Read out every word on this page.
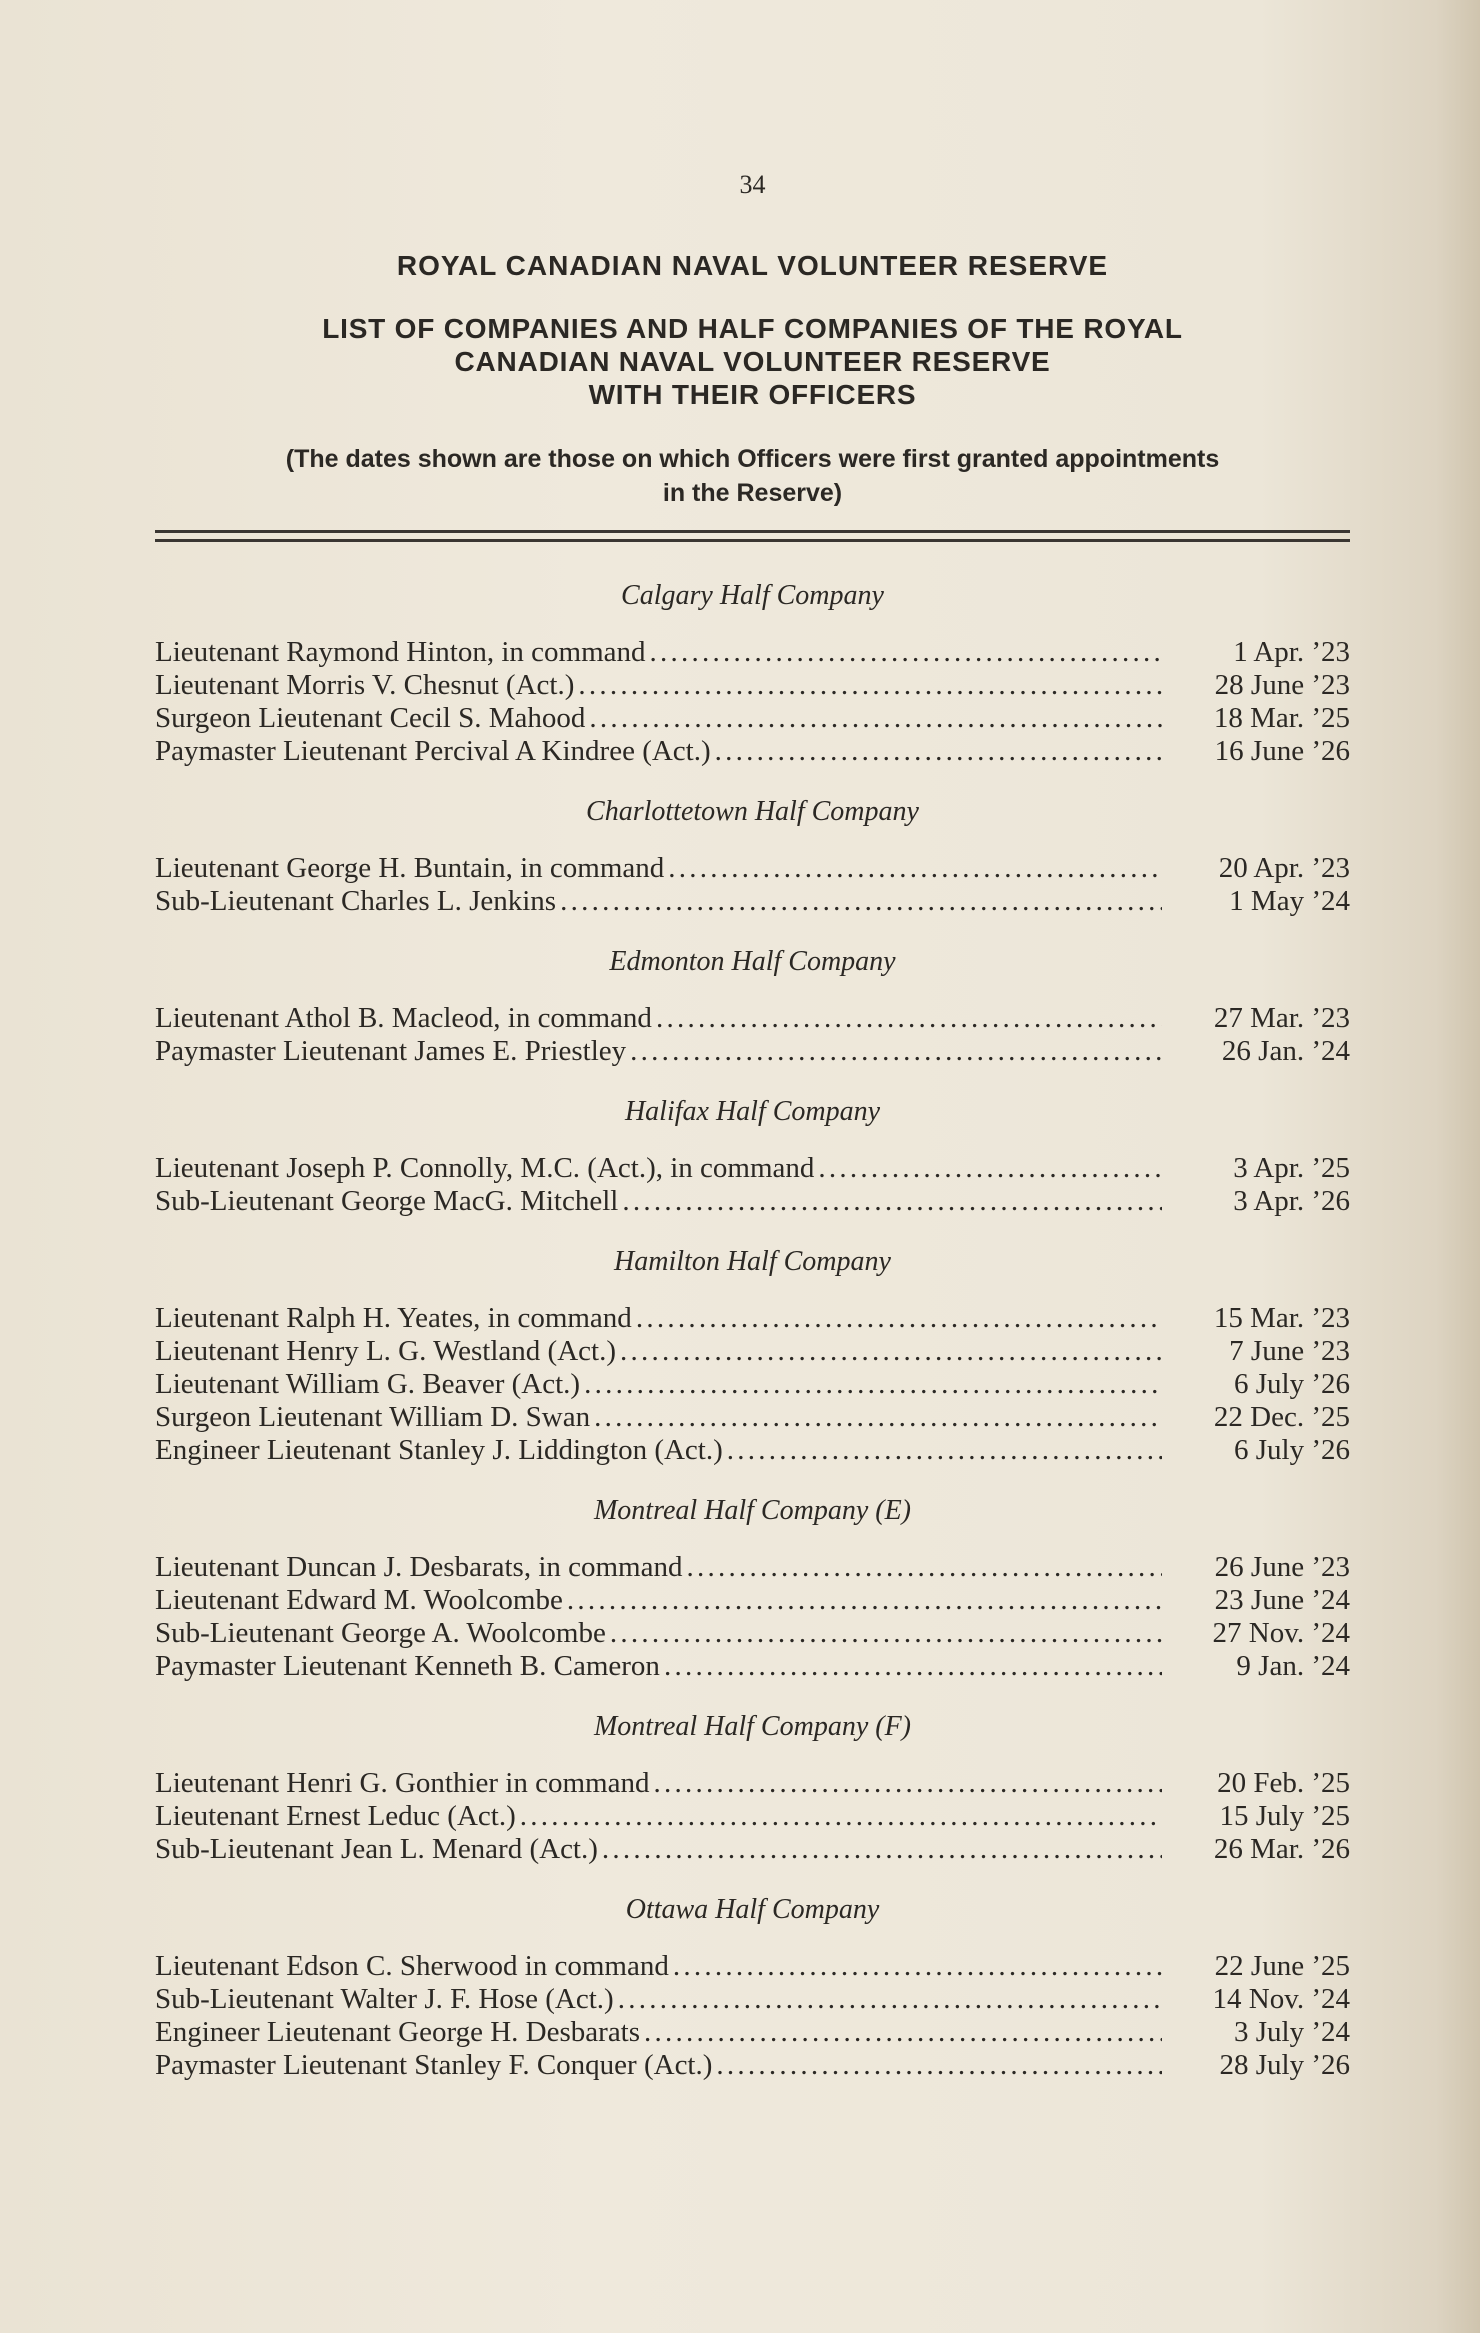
34
ROYAL CANADIAN NAVAL VOLUNTEER RESERVE
LIST OF COMPANIES AND HALF COMPANIES OF THE ROYAL
CANADIAN NAVAL VOLUNTEER RESERVE
WITH THEIR OFFICERS
(The dates shown are those on which Officers were first granted appointments
in the Reserve)
Calgary Half Company
Lieutenant Raymond Hinton, in command . . .	1 Apr. ’23
Lieutenant Morris V. Chesnut (Act.) . . .	28 June ’23
Surgeon Lieutenant Cecil S. Mahood . . .	18 Mar. ’25
Paymaster Lieutenant Percival A Kindree (Act.) . . .	16 June ’26
Charlottetown Half Company
Lieutenant George H. Buntain, in command . . .	20 Apr. ’23
Sub-Lieutenant Charles L. Jenkins . . .	1 May ’24
Edmonton Half Company
Lieutenant Athol B. Macleod, in command . . .	27 Mar. ’23
Paymaster Lieutenant James E. Priestley . . .	26 Jan. ’24
Halifax Half Company
Lieutenant Joseph P. Connolly, M.C. (Act.), in command . . .	3 Apr. ’25
Sub-Lieutenant George MacG. Mitchell . . .	3 Apr. ’26
Hamilton Half Company
Lieutenant Ralph H. Yeates, in command . . .	15 Mar. ’23
Lieutenant Henry L. G. Westland (Act.) . . .	7 June ’23
Lieutenant William G. Beaver (Act.) . . .	6 July ’26
Surgeon Lieutenant William D. Swan . . .	22 Dec. ’25
Engineer Lieutenant Stanley J. Liddington (Act.) . . .	6 July ’26
Montreal Half Company (E)
Lieutenant Duncan J. Desbarats, in command . . .	26 June ’23
Lieutenant Edward M. Woolcombe . . .	23 June ’24
Sub-Lieutenant George A. Woolcombe . . .	27 Nov. ’24
Paymaster Lieutenant Kenneth B. Cameron . . .	9 Jan. ’24
Montreal Half Company (F)
Lieutenant Henri G. Gonthier in command . . .	20 Feb. ’25
Lieutenant Ernest Leduc (Act.) . . .	15 July ’25
Sub-Lieutenant Jean L. Menard (Act.) . . .	26 Mar. ’26
Ottawa Half Company
Lieutenant Edson C. Sherwood in command . . .	22 June ’25
Sub-Lieutenant Walter J. F. Hose (Act.) . . .	14 Nov. ’24
Engineer Lieutenant George H. Desbarats . . .	3 July ’24
Paymaster Lieutenant Stanley F. Conquer (Act.) . . .	28 July ’26
